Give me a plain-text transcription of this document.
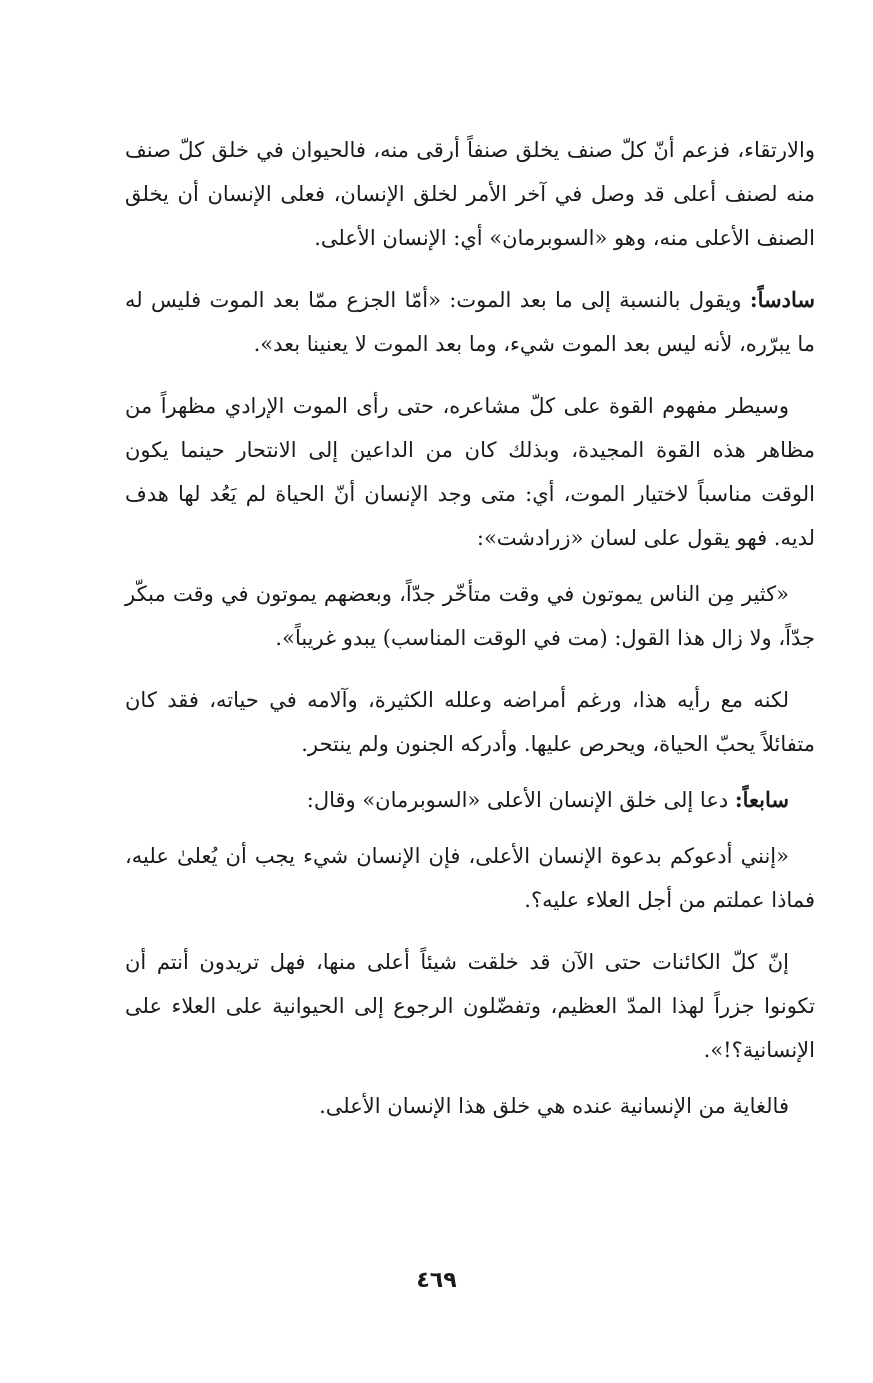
والارتقاء، فزعم أنّ كلّ صنف يخلق صنفاً أرقى منه، فالحيوان في خلق كلّ صنف منه لصنف أعلى قد وصل في آخر الأمر لخلق الإنسان، فعلى الإنسان أن يخلق الصنف الأعلى منه، وهو «السوبرمان» أي: الإنسان الأعلى.

سادساً: ويقول بالنسبة إلى ما بعد الموت: «أمّا الجزع ممّا بعد الموت فليس له ما يبرّره، لأنه ليس بعد الموت شيء، وما بعد الموت لا يعنينا بعد».

وسيطر مفهوم القوة على كلّ مشاعره، حتى رأى الموت الإرادي مظهراً من مظاهر هذه القوة المجيدة، وبذلك كان من الداعين إلى الانتحار حينما يكون الوقت مناسباً لاختيار الموت، أي: متى وجد الإنسان أنّ الحياة لم يَعُد لها هدف لديه. فهو يقول على لسان «زرادشت»:

«كثير مِن الناس يموتون في وقت متأخّر جدّاً، وبعضهم يموتون في وقت مبكّر جدّاً، ولا زال هذا القول: (مت في الوقت المناسب) يبدو غريباً».

لكنه مع رأيه هذا، ورغم أمراضه وعلله الكثيرة، وآلامه في حياته، فقد كان متفائلاً يحبّ الحياة، ويحرص عليها. وأدركه الجنون ولم ينتحر.

سابعاً: دعا إلى خلق الإنسان الأعلى «السوبرمان» وقال:

«إنني أدعوكم بدعوة الإنسان الأعلى، فإن الإنسان شيء يجب أن يُعلىٰ عليه، فماذا عملتم من أجل العلاء عليه؟.

إنّ كلّ الكائنات حتى الآن قد خلقت شيئاً أعلى منها، فهل تريدون أنتم أن تكونوا جزراً لهذا المدّ العظيم، وتفضّلون الرجوع إلى الحيوانية على العلاء على الإنسانية؟!».

فالغاية من الإنسانية عنده هي خلق هذا الإنسان الأعلى.

٤٦٩
